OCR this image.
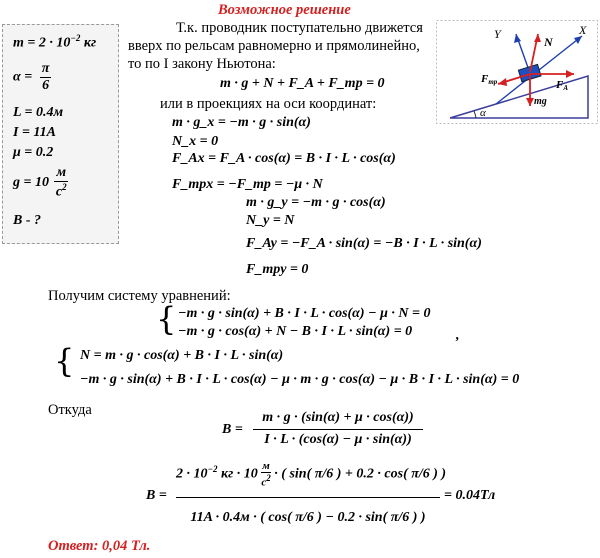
Возможное решение
Т.к. проводник поступательно движется
вверх по рельсам равномерно и прямолинейно,
то по I закону Ньютона:
$m = 2 \cdot 10^{-2}$ кг
$\alpha = \frac{\pi}{6}$
L = 0.4м
I = 11A
μ = 0.2
g = 10
м
$c^2$
B - ?
Y	X
N
Fтр	FA
mg
α
m · g + N + F_A + F_тр = 0
или в проекциях на оси координат:
m · g_x = −m · g · sin(α)
N_x = 0
F_Ax = F_A · cos(α) = B · I · L · cos(α)
F_трx = −F_тр = −μ · N
m · g_y = −m · g · cos(α)
N_y = N
F_Ay = −F_A · sin(α) = −B · I · L · sin(α)
F_трy = 0
Получим систему уравнений:
{ −m · g · sin(α) + B · I · L · cos(α) − μ · N = 0
−m · g · cos(α) + N − B · I · L · sin(α) = 0	,
{ N = m · g · cos(α) + B · I · L · sin(α)
−m · g · sin(α) + B · I · L · cos(α) − μ · m · g · cos(α) − μ · B · I · L · sin(α) = 0
Откуда
B =
m · g · (sin(α) + μ · cos(α))
I · L · (cos(α) − μ · sin(α))
B =
$2 \cdot 10^{-2}$ кг · 10
м
$c^2$ · ( sin( π/6 ) + 0.2 · cos( π/6 ) )
11A · 0.4м · ( cos( π/6 ) − 0.2 · sin( π/6 ) )
= 0.04Тл
Ответ: 0,04 Тл.
